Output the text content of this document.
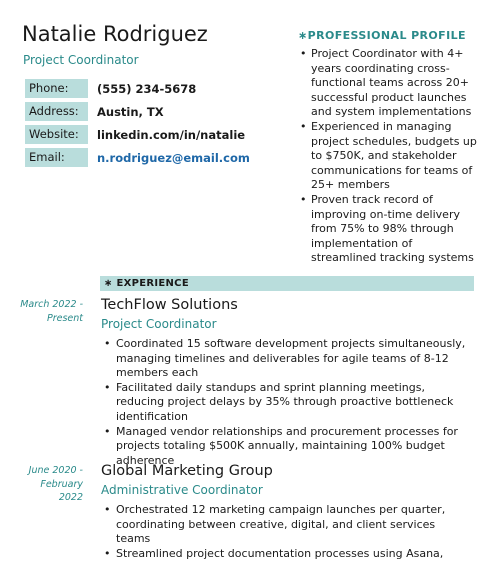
Natalie Rodriguez
Project Coordinator
Phone:	(555) 234-5678
Address:	Austin, TX
Website:	linkedin.com/in/natalie
Email:	n.rodriguez@email.com
∗PROFESSIONAL PROFILE
• Project Coordinator with 4+ years coordinating cross-functional teams across 20+ successful product launches and system implementations
• Experienced in managing project schedules, budgets up to $750K, and stakeholder communications for teams of 25+ members
• Proven track record of improving on-time delivery from 75% to 98% through implementation of streamlined tracking systems
∗ EXPERIENCE
March 2022 - Present
TechFlow Solutions
Project Coordinator
• Coordinated 15 software development projects simultaneously, managing timelines and deliverables for agile teams of 8-12 members each
• Facilitated daily standups and sprint planning meetings, reducing project delays by 35% through proactive bottleneck identification
• Managed vendor relationships and procurement processes for projects totaling $500K annually, maintaining 100% budget adherence
June 2020 - February 2022
Global Marketing Group
Administrative Coordinator
• Orchestrated 12 marketing campaign launches per quarter, coordinating between creative, digital, and client services teams
• Streamlined project documentation processes using Asana,
